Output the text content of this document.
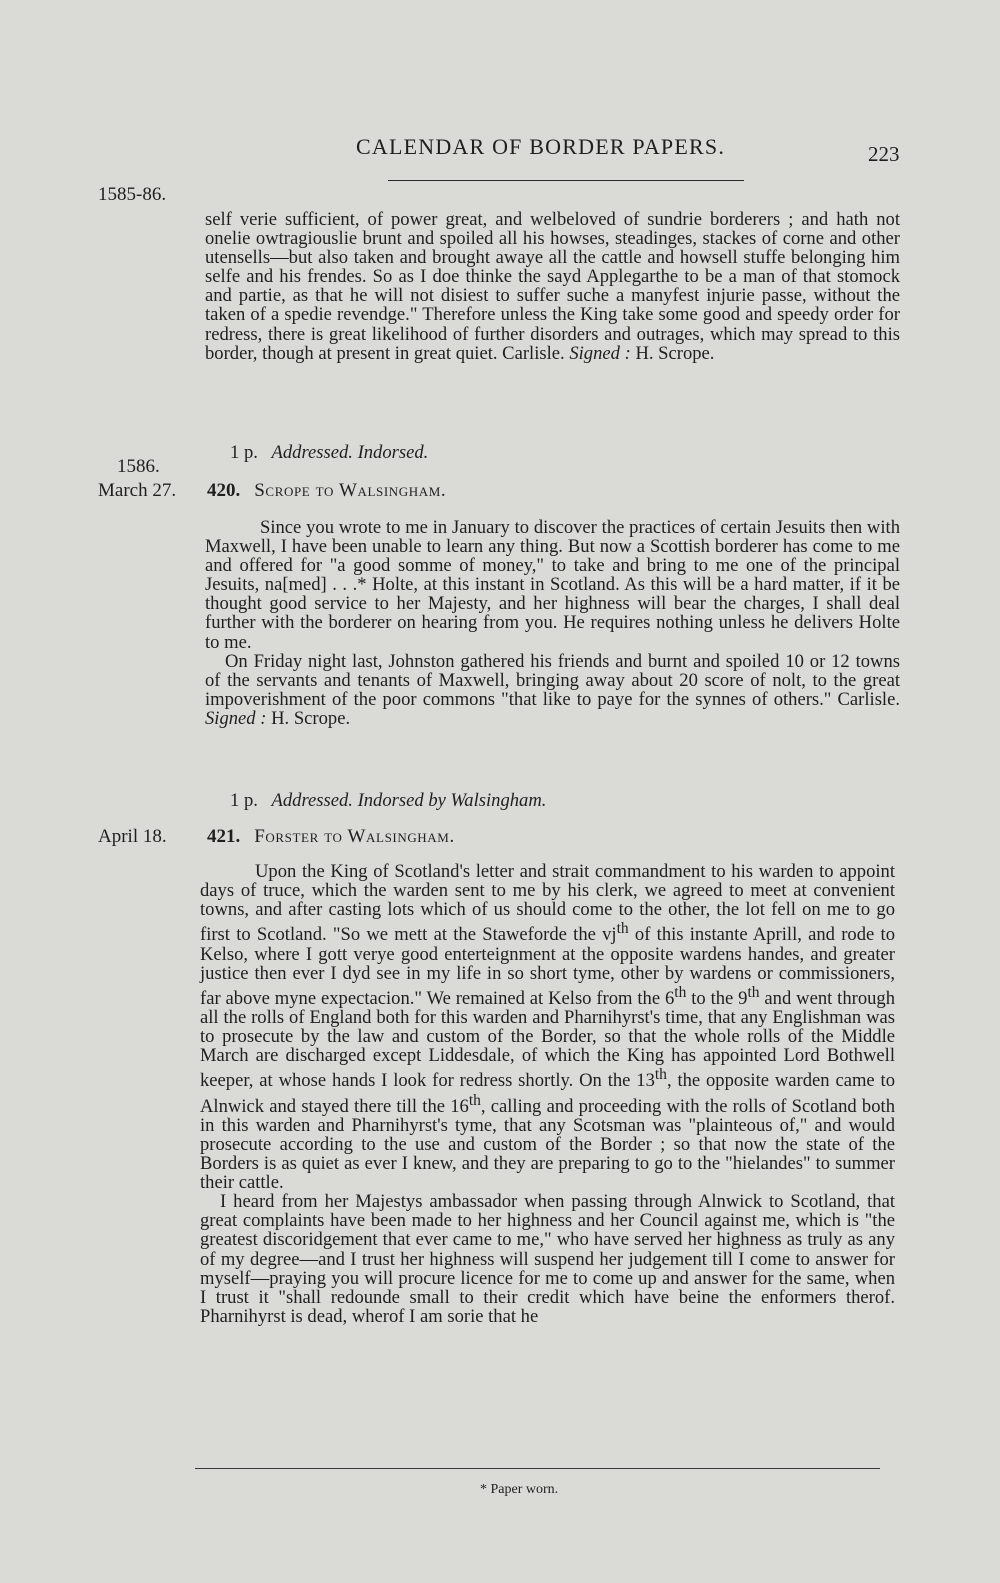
CALENDAR OF BORDER PAPERS.	223
1585-86.

self verie sufficient, of power great, and welbeloved of sundrie borderers ; and hath not onelie owtragiouslie brunt and spoiled all his howses, steadinges, stackes of corne and other utensells—but also taken and brought awaye all the cattle and howsell stuffe belonging him selfe and his frendes. So as I doe thinke the sayd Applegarthe to be a man of that stomock and partie, as that he will not disiest to suffer suche a manyfest injurie passe, without the taken of a spedie revendge." Therefore unless the King take some good and speedy order for redress, there is great likelihood of further disorders and outrages, which may spread to this border, though at present in great quiet. Carlisle. Signed : H. Scrope.

1 p. Addressed. Indorsed.
1586.
March 27. 420. Scrope to Walsingham.

Since you wrote to me in January to discover the practices of certain Jesuits then with Maxwell, I have been unable to learn any thing. But now a Scottish borderer has come to me and offered for "a good somme of money," to take and bring to me one of the principal Jesuits, na[med] . . .* Holte, at this instant in Scotland. As this will be a hard matter, if it be thought good service to her Majesty, and her highness will bear the charges, I shall deal further with the borderer on hearing from you. He requires nothing unless he delivers Holte to me.

On Friday night last, Johnston gathered his friends and burnt and spoiled 10 or 12 towns of the servants and tenants of Maxwell, bringing away about 20 score of nolt, to the great impoverishment of the poor commons "that like to paye for the synnes of others." Carlisle. Signed : H. Scrope.

1 p. Addressed. Indorsed by Walsingham.
April 18. 421. Forster to Walsingham.

Upon the King of Scotland's letter and strait commandment to his warden to appoint days of truce, which the warden sent to me by his clerk, we agreed to meet at convenient towns, and after casting lots which of us should come to the other, the lot fell on me to go first to Scotland. "So we mett at the Staweforde the $vj^{th}$ of this instante Aprill, and rode to Kelso, where I gott verye good enterteignment at the opposite wardens handes, and greater justice then ever I dyd see in my life in so short tyme, other by wardens or commissioners, far above myne expectacion." We remained at Kelso from the 6th to the 9th and went through all the rolls of England both for this warden and Pharnihyrst's time, that any Englishman was to prosecute by the law and custom of the Border, so that the whole rolls of the Middle March are discharged except Liddesdale, of which the King has appointed Lord Bothwell keeper, at whose hands I look for redress shortly. On the 13th, the opposite warden came to Alnwick and stayed there till the 16th, calling and proceeding with the rolls of Scotland both in this warden and Pharnihyrst's tyme, that any Scotsman was "plainteous of," and would prosecute according to the use and custom of the Border ; so that now the state of the Borders is as quiet as ever I knew, and they are preparing to go to the "hielandes" to summer their cattle.

I heard from her Majestys ambassador when passing through Alnwick to Scotland, that great complaints have been made to her highness and her Council against me, which is "the greatest discoridgement that ever came to me," who have served her highness as truly as any of my degree—and I trust her highness will suspend her judgement till I come to answer for myself—praying you will procure licence for me to come up and answer for the same, when I trust it "shall redounde small to their credit which have beine the enformers therof. Pharnihyrst is dead, wherof I am sorie that he

* Paper worn.
